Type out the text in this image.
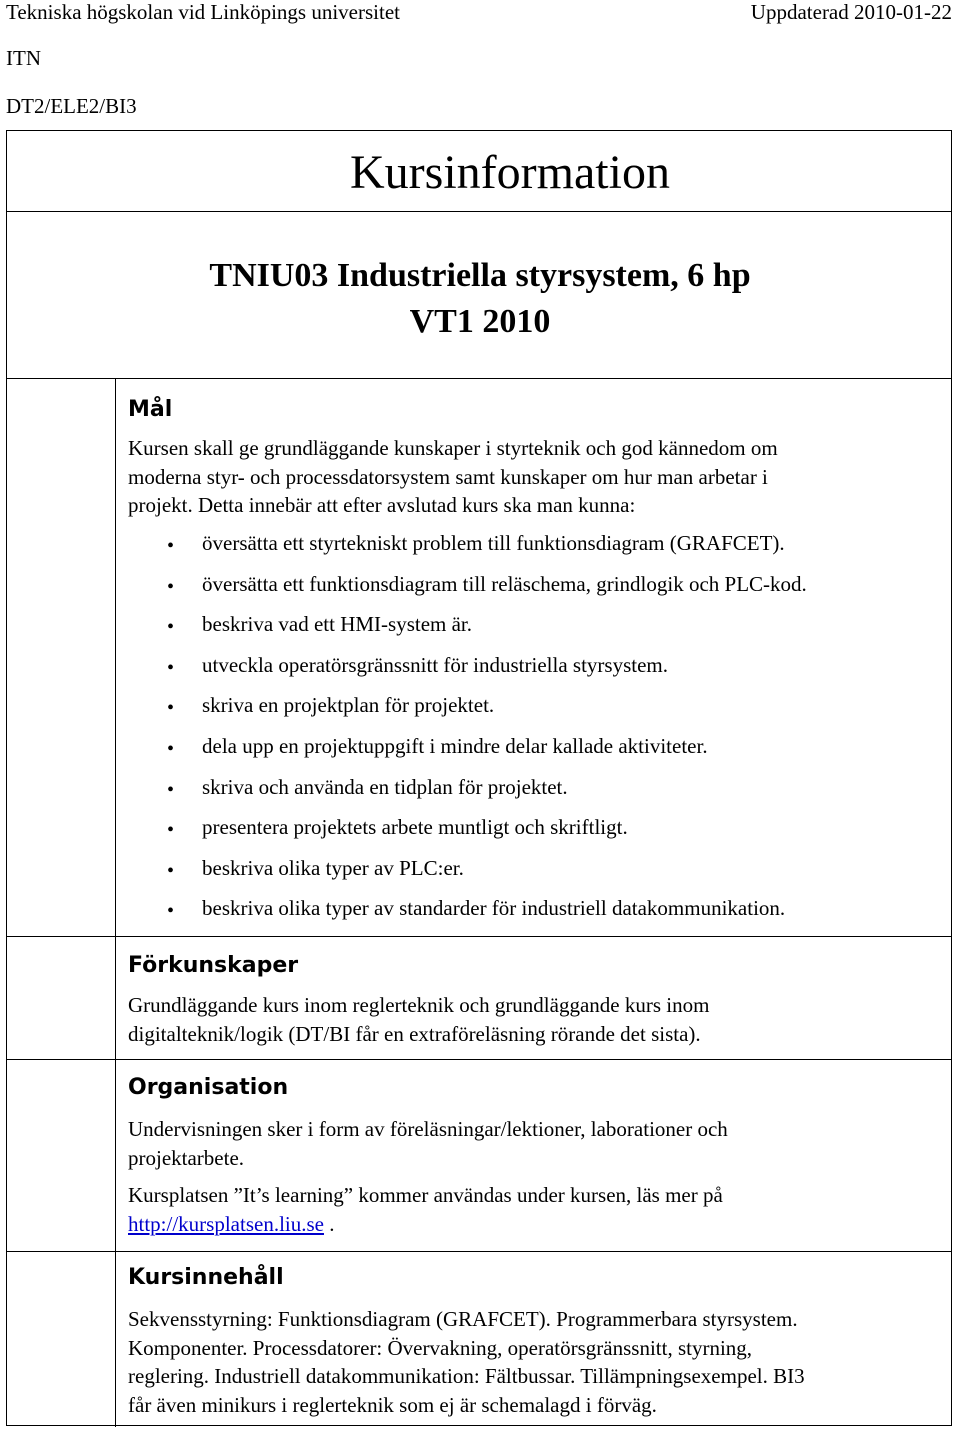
Tekniska högskolan vid Linköpings universitet	Uppdaterad 2010-01-22
ITN
DT2/ELE2/BI3
Kursinformation
TNIU03 Industriella styrsystem, 6 hp
VT1 2010
Mål
Kursen skall ge grundläggande kunskaper i styrteknik och god kännedom om
moderna styr- och processdatorsystem samt kunskaper om hur man arbetar i
projekt. Detta innebär att efter avslutad kurs ska man kunna:
• översätta ett styrtekniskt problem till funktionsdiagram (GRAFCET).
• översätta ett funktionsdiagram till reläschema, grindlogik och PLC-kod.
• beskriva vad ett HMI-system är.
• utveckla operatörsgränssnitt för industriella styrsystem.
• skriva en projektplan för projektet.
• dela upp en projektuppgift i mindre delar kallade aktiviteter.
• skriva och använda en tidplan för projektet.
• presentera projektets arbete muntligt och skriftligt.
• beskriva olika typer av PLC:er.
• beskriva olika typer av standarder för industriell datakommunikation.
Förkunskaper
Grundläggande kurs inom reglerteknik och grundläggande kurs inom
digitalteknik/logik (DT/BI får en extraföreläsning rörande det sista).
Organisation
Undervisningen sker i form av föreläsningar/lektioner, laborationer och
projektarbete.
Kursplatsen ”It’s learning” kommer användas under kursen, läs mer på
http://kursplatsen.liu.se .
Kursinnehåll
Sekvensstyrning: Funktionsdiagram (GRAFCET). Programmerbara styrsystem.
Komponenter. Processdatorer: Övervakning, operatörsgränssnitt, styrning,
reglering. Industriell datakommunikation: Fältbussar. Tillämpningsexempel. BI3
får även minikurs i reglerteknik som ej är schemalagd i förväg.
